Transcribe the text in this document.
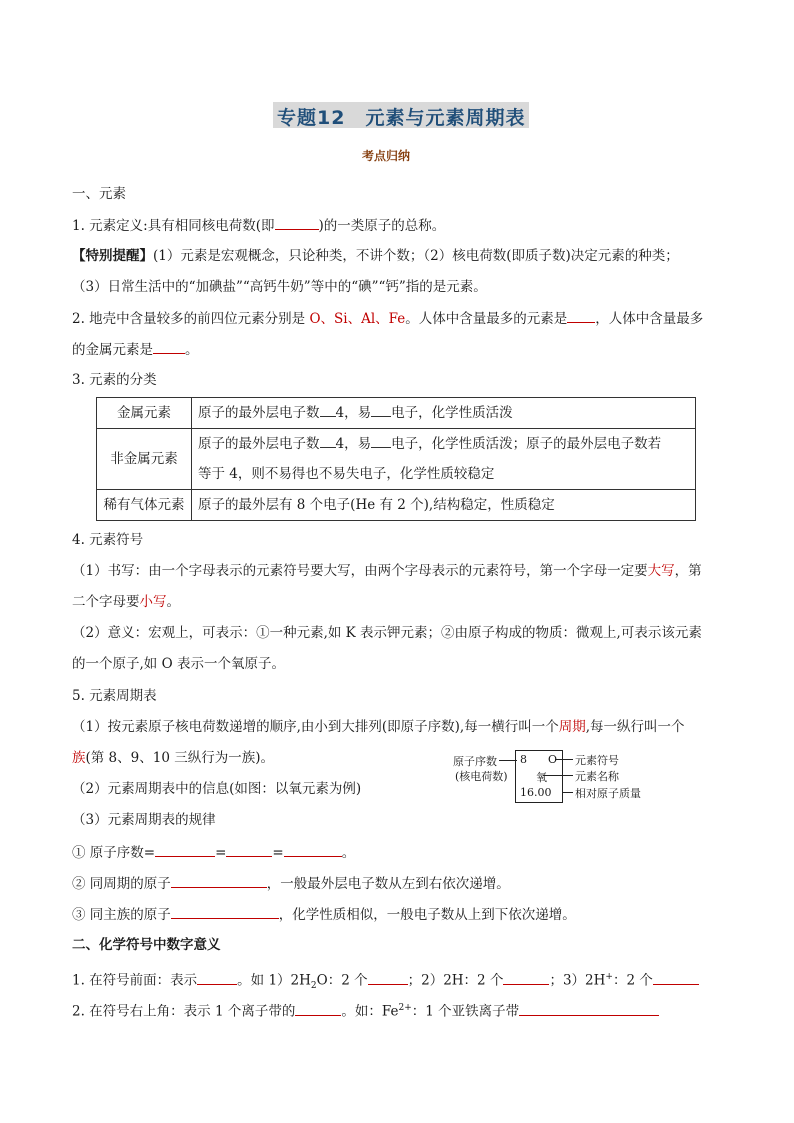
专题12　元素与元素周期表
考点归纳
一、元素
1. 元素定义:具有相同核电荷数(即	)的一类原子的总称。
【特别提醒】(1）元素是宏观概念，只论种类，不讲个数；（2）核电荷数(即质子数)决定元素的种类；
（3）日常生活中的“加碘盐”“高钙牛奶”等中的“碘”“钙”指的是元素。
2. 地壳中含量较多的前四位元素分别是 O、Si、Al、Fe。人体中含量最多的元素是 ，人体中含量最多
的金属元素是 。
3. 元素的分类
金属元素	原子的最外层电子数 4，易 电子，化学性质活泼
非金属元素	原子的最外层电子数 4，易 电子，化学性质活泼；原子的最外层电子数若
等于 4，则不易得也不易失电子，化学性质较稳定
稀有气体元素	原子的最外层有 8 个电子(He 有 2 个),结构稳定，性质稳定
4. 元素符号
（1）书写：由一个字母表示的元素符号要大写，由两个字母表示的元素符号，第一个字母一定要大写，第
二个字母要小写。
（2）意义：宏观上，可表示：①一种元素,如 K 表示钾元素；②由原子构成的物质：微观上,可表示该元素
的一个原子,如 O 表示一个氧原子。
5. 元素周期表
（1）按元素原子核电荷数递增的顺序,由小到大排列(即原子序数),每一横行叫一个周期,每一纵行叫一个
族(第 8、9、10 三纵行为一族)。
（2）元素周期表中的信息(如图：以氧元素为例)
（3）元素周期表的规律
原子序数
(核电荷数)
8 O
氧
16.00
元素符号
元素名称
相对原子质量
① 原子序数=	=	=	。
② 同周期的原子	，一般最外层电子数从左到右依次递增。
③ 同主族的原子	，化学性质相似，一般电子数从上到下依次递增。
二、化学符号中数字意义
1. 在符号前面：表示	。如 $1)2H_2O$：2 个	；2）2H：2 个	；3）2H+：2 个
2. 在符号右上角：表示 1 个离子带的	。如：$Fe^{2+}$：1 个亚铁离子带
